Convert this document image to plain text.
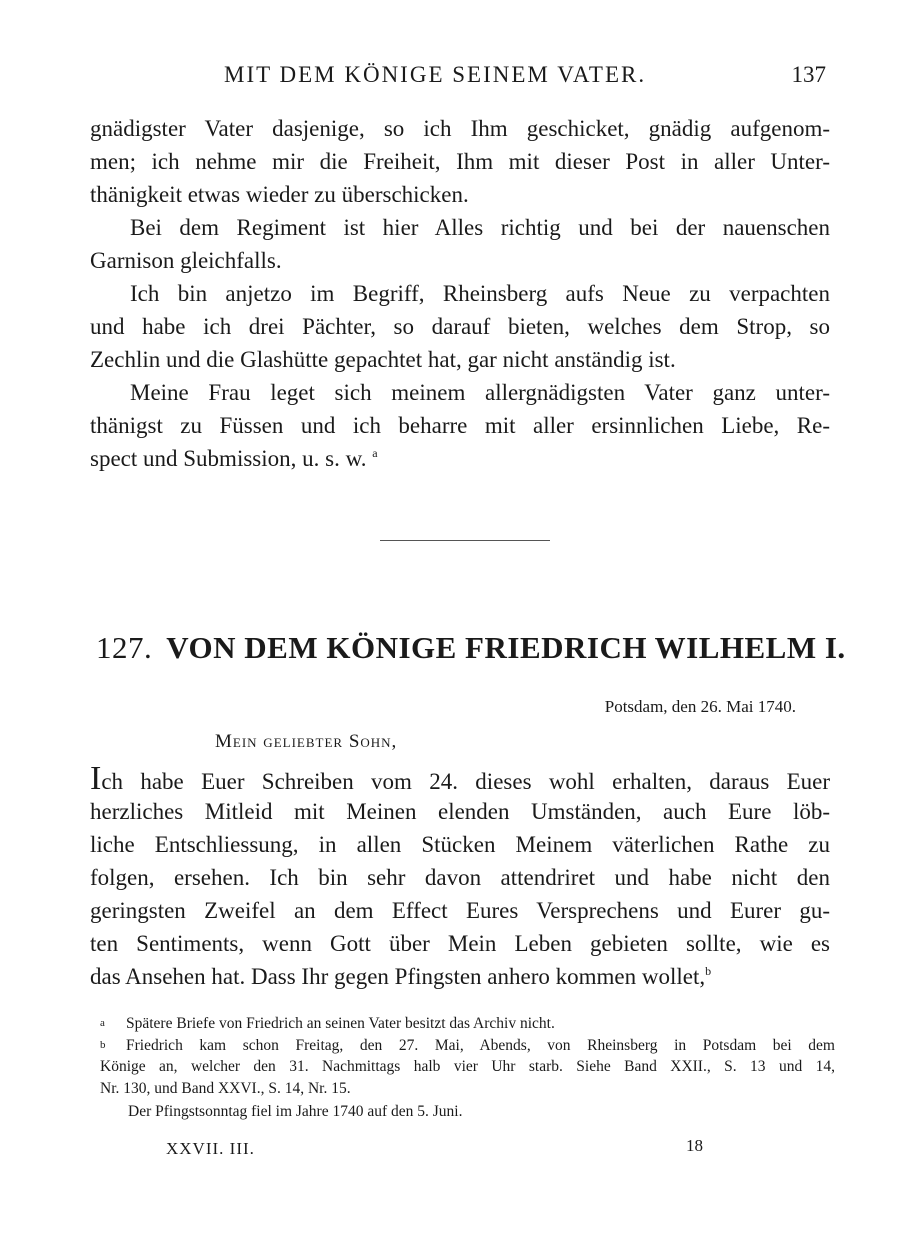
MIT DEM KÖNIGE SEINEM VATER.	137
gnädigster Vater dasjenige, so ich Ihm geschicket, gnädig aufgenom-
men; ich nehme mir die Freiheit, Ihm mit dieser Post in aller Unter-
thänigkeit etwas wieder zu überschicken.
Bei dem Regiment ist hier Alles richtig und bei der nauenschen
Garnison gleichfalls.
Ich bin anjetzo im Begriff, Rheinsberg aufs Neue zu verpachten
und habe ich drei Pächter, so darauf bieten, welches dem Strop, so
Zechlin und die Glashütte gepachtet hat, gar nicht anständig ist.
Meine Frau leget sich meinem allergnädigsten Vater ganz unter-
thänigst zu Füssen und ich beharre mit aller ersinnlichen Liebe, Re-
spect und Submission, u. s. w. $^a$
127. VON DEM KÖNIGE FRIEDRICH WILHELM I.
Potsdam, den 26. Mai 1740.
Mein geliebter Sohn,
Ich habe Euer Schreiben vom 24. dieses wohl erhalten, daraus Euer
herzliches Mitleid mit Meinen elenden Umständen, auch Eure löb-
liche Entschliessung, in allen Stücken Meinem väterlichen Rathe zu
folgen, ersehen. Ich bin sehr davon attendriret und habe nicht den
geringsten Zweifel an dem Effect Eures Versprechens und Eurer gu-
ten Sentiments, wenn Gott über Mein Leben gebieten sollte, wie es
das Ansehen hat. Dass Ihr gegen Pfingsten anhero kommen wollet,$^b$
a Spätere Briefe von Friedrich an seinen Vater besitzt das Archiv nicht.
b Friedrich kam schon Freitag, den 27. Mai, Abends, von Rheinsberg in Potsdam bei dem
Könige an, welcher den 31. Nachmittags halb vier Uhr starb. Siehe Band XXII., S. 13 und 14,
Nr. 130, und Band XXVI., S. 14, Nr. 15.
Der Pfingstsonntag fiel im Jahre 1740 auf den 5. Juni.
XXVII. III.	18
